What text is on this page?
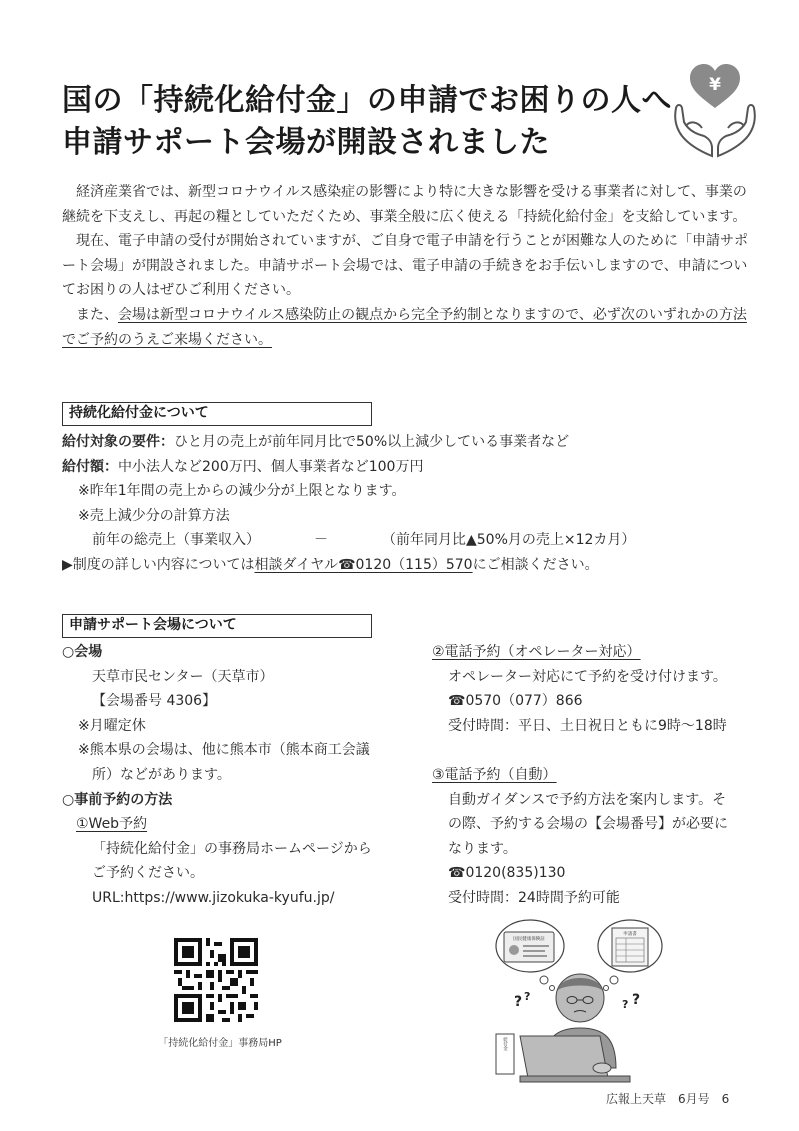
国の「持続化給付金」の申請でお困りの人へ
申請サポート会場が開設されました
¥

経済産業省では、新型コロナウイルス感染症の影響により特に大きな影響を受ける事業者に対して、事業の継続を下支えし、再起の糧としていただくため、事業全般に広く使える「持続化給付金」を支給しています。

現在、電子申請の受付が開始されていますが、ご自身で電子申請を行うことが困難な人のために「申請サポート会場」が開設されました。申請サポート会場では、電子申請の手続きをお手伝いしますので、申請についてお困りの人はぜひご利用ください。

また、会場は新型コロナウイルス感染防止の観点から完全予約制となりますので、必ず次のいずれかの方法でご予約のうえご来場ください。

持続化給付金について
給付対象の要件：ひと月の売上が前年同月比で50%以上減少している事業者など
給付額：中小法人など200万円、個人事業者など100万円
※昨年1年間の売上からの減少分が上限となります。
※売上減少分の計算方法
前年の総売上（事業収入）	－	（前年同月比▲50%月の売上×12カ月）
▶制度の詳しい内容については相談ダイヤル☎0120（115）570にご相談ください。
申請サポート会場について
○会場
天草市民センター（天草市）
【会場番号 4306】
※月曜定休
※熊本県の会場は、他に熊本市（熊本商工会議
所）などがあります。
○事前予約の方法
①Web予約
「持続化給付金」の事務局ホームページから
ご予約ください。
URL:https://www.jizokuka-kyufu.jp/
「持続化給付金」事務局HP
②電話予約（オペレーター対応）
オペレーター対応にて予約を受け付けます。
☎0570（077）866
受付時間：平日、土日祝日ともに9時～18時
③電話予約（自動）
自動ガイダンスで予約方法を案内します。そ
の際、予約する会場の【会場番号】が必要に
なります。
☎0120(835)130
受付時間：24時間予約可能
国民健康保険証
申請書
? ?
? ?
給付金
広報上天草 6月号 6
